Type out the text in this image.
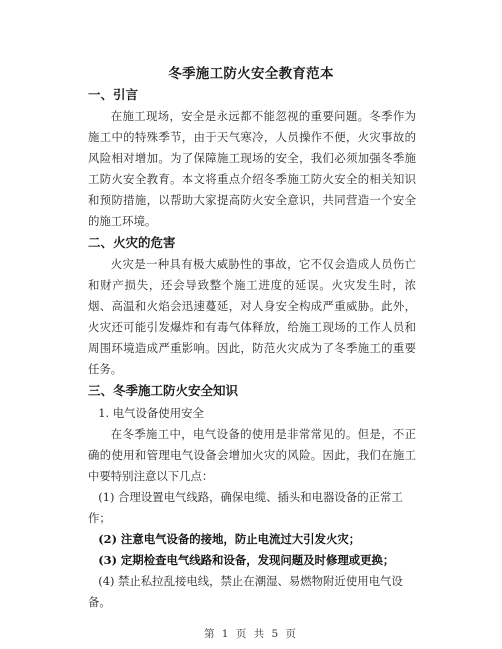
冬季施工防火安全教育范本

一、引言

在施工现场，安全是永远都不能忽视的重要问题。冬季作为施工中的特殊季节，由于天气寒冷，人员操作不便，火灾事故的风险相对增加。为了保障施工现场的安全，我们必须加强冬季施工防火安全教育。本文将重点介绍冬季施工防火安全的相关知识和预防措施，以帮助大家提高防火安全意识，共同营造一个安全的施工环境。

二、火灾的危害

火灾是一种具有极大威胁性的事故，它不仅会造成人员伤亡和财产损失，还会导致整个施工进度的延误。火灾发生时，浓烟、高温和火焰会迅速蔓延，对人身安全构成严重威胁。此外，火灾还可能引发爆炸和有毒气体释放，给施工现场的工作人员和周围环境造成严重影响。因此，防范火灾成为了冬季施工的重要任务。

三、冬季施工防火安全知识

1. 电气设备使用安全

在冬季施工中，电气设备的使用是非常常见的。但是，不正确的使用和管理电气设备会增加火灾的风险。因此，我们在施工中要特别注意以下几点：

(1) 合理设置电气线路，确保电缆、插头和电器设备的正常工作；

(2) 注意电气设备的接地，防止电流过大引发火灾；

(3) 定期检查电气线路和设备，发现问题及时修理或更换；

(4) 禁止私拉乱接电线，禁止在潮湿、易燃物附近使用电气设备。

第 1 页 共 5 页
